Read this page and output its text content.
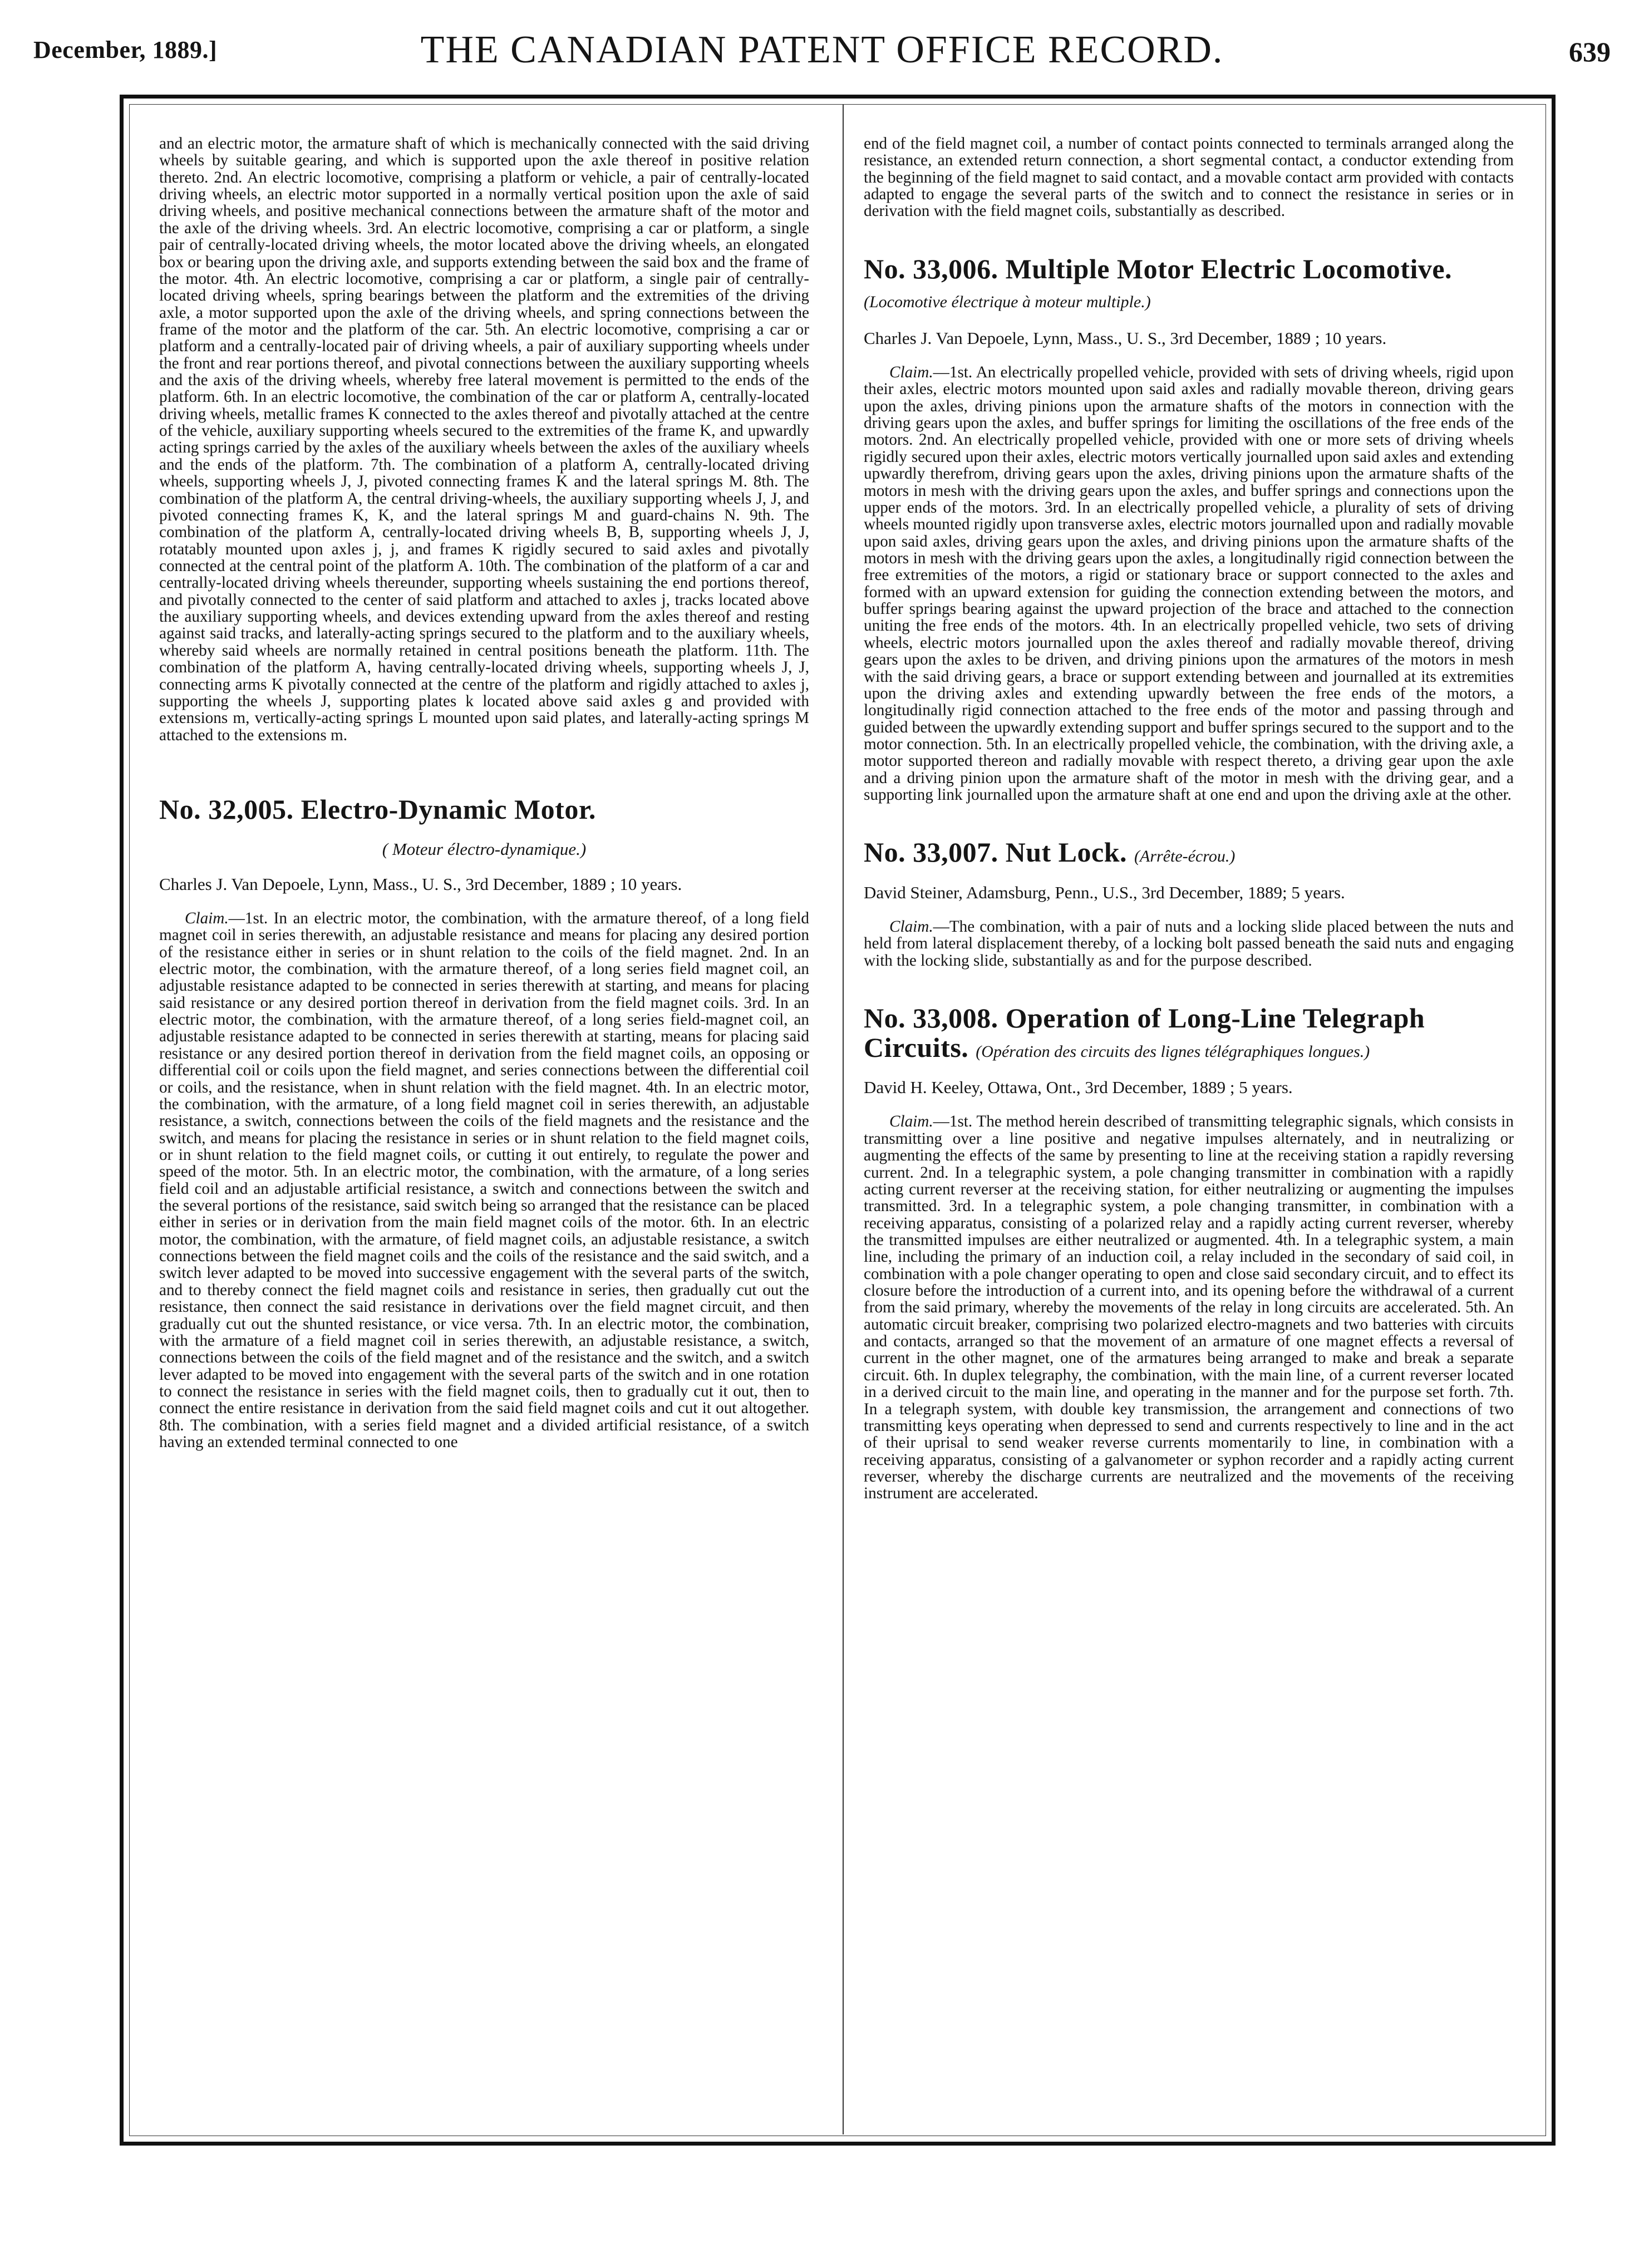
December, 1889.]	THE CANADIAN PATENT OFFICE RECORD.	639

and an electric motor, the armature shaft of which is mechanically connected with the said driving wheels by suitable gearing, and which is supported upon the axle thereof in positive relation thereto. 2nd. An electric locomotive, comprising a platform or vehicle, a pair of centrally-located driving wheels, an electric motor supported in a normally vertical position upon the axle of said driving wheels, and positive mechanical connections between the armature shaft of the motor and the axle of the driving wheels. 3rd. An electric locomotive, comprising a car or platform, a single pair of centrally-located driving wheels, the motor located above the driving wheels, an elongated box or bearing upon the driving axle, and supports extending between the said box and the frame of the motor. 4th. An electric locomotive, comprising a car or platform, a single pair of centrally-located driving wheels, spring bearings between the platform and the extremities of the driving axle, a motor supported upon the axle of the driving wheels, and spring connections between the frame of the motor and the platform of the car. 5th. An electric locomotive, comprising a car or platform and a centrally-located pair of driving wheels, a pair of auxiliary supporting wheels under the front and rear portions thereof, and pivotal connections between the auxiliary supporting wheels and the axis of the driving wheels, whereby free lateral movement is permitted to the ends of the platform. 6th. In an electric locomotive, the combination of the car or platform A, centrally-located driving wheels, metallic frames K connected to the axles thereof and pivotally attached at the centre of the vehicle, auxiliary supporting wheels secured to the extremities of the frame K, and upwardly acting springs carried by the axles of the auxiliary wheels between the axles of the auxiliary wheels and the ends of the platform. 7th. The combination of a platform A, centrally-located driving wheels, supporting wheels J, J, pivoted connecting frames K and the lateral springs M. 8th. The combination of the platform A, the central driving-wheels, the auxiliary supporting wheels J, J, and pivoted connecting frames K, K, and the lateral springs M and guard-chains N. 9th. The combination of the platform A, centrally-located driving wheels B, B, supporting wheels J, J, rotatably mounted upon axles j, j, and frames K rigidly secured to said axles and pivotally connected at the central point of the platform A. 10th. The combination of the platform of a car and centrally-located driving wheels thereunder, supporting wheels sustaining the end portions thereof, and pivotally connected to the center of said platform and attached to axles j, tracks located above the auxiliary supporting wheels, and devices extending upward from the axles thereof and resting against said tracks, and laterally-acting springs secured to the platform and to the auxiliary wheels, whereby said wheels are normally retained in central positions beneath the platform. 11th. The combination of the platform A, having centrally-located driving wheels, supporting wheels J, J, connecting arms K pivotally connected at the centre of the platform and rigidly attached to axles j, supporting the wheels J, supporting plates k located above said axles g and provided with extensions m, vertically-acting springs L mounted upon said plates, and laterally-acting springs M attached to the extensions m.

No. 32,005. Electro-Dynamic Motor.

( Moteur électro-dynamique.)

Charles J. Van Depoele, Lynn, Mass., U. S., 3rd December, 1889 ; 10 years.

Claim.—1st. In an electric motor, the combination, with the armature thereof, of a long field magnet coil in series therewith, an adjustable resistance and means for placing any desired portion of the resistance either in series or in shunt relation to the coils of the field magnet. 2nd. In an electric motor, the combination, with the armature thereof, of a long series field magnet coil, an adjustable resistance adapted to be connected in series therewith at starting, and means for placing said resistance or any desired portion thereof in derivation from the field magnet coils. 3rd. In an electric motor, the combination, with the armature thereof, of a long series field-magnet coil, an adjustable resistance adapted to be connected in series therewith at starting, means for placing said resistance or any desired portion thereof in derivation from the field magnet coils, an opposing or differential coil or coils upon the field magnet, and series connections between the differential coil or coils, and the resistance, when in shunt relation with the field magnet. 4th. In an electric motor, the combination, with the armature, of a long field magnet coil in series therewith, an adjustable resistance, a switch, connections between the coils of the field magnets and the resistance and the switch, and means for placing the resistance in series or in shunt relation to the field magnet coils, or in shunt relation to the field magnet coils, or cutting it out entirely, to regulate the power and speed of the motor. 5th. In an electric motor, the combination, with the armature, of a long series field coil and an adjustable artificial resistance, a switch and connections between the switch and the several portions of the resistance, said switch being so arranged that the resistance can be placed either in series or in derivation from the main field magnet coils of the motor. 6th. In an electric motor, the combination, with the armature, of field magnet coils, an adjustable resistance, a switch connections between the field magnet coils and the coils of the resistance and the said switch, and a switch lever adapted to be moved into successive engagement with the several parts of the switch, and to thereby connect the field magnet coils and resistance in series, then gradually cut out the resistance, then connect the said resistance in derivations over the field magnet circuit, and then gradually cut out the shunted resistance, or vice versa. 7th. In an electric motor, the combination, with the armature of a field magnet coil in series therewith, an adjustable resistance, a switch, connections between the coils of the field magnet and of the resistance and the switch, and a switch lever adapted to be moved into engagement with the several parts of the switch and in one rotation to connect the resistance in series with the field magnet coils, then to gradually cut it out, then to connect the entire resistance in derivation from the said field magnet coils and cut it out altogether. 8th. The combination, with a series field magnet and a divided artificial resistance, of a switch having an extended terminal connected to one

end of the field magnet coil, a number of contact points connected to terminals arranged along the resistance, an extended return connection, a short segmental contact, a conductor extending from the beginning of the field magnet to said contact, and a movable contact arm provided with contacts adapted to engage the several parts of the switch and to connect the resistance in series or in derivation with the field magnet coils, substantially as described.

No. 33,006. Multiple Motor Electric Locomotive. (Locomotive électrique à moteur multiple.)

Charles J. Van Depoele, Lynn, Mass., U. S., 3rd December, 1889 ; 10 years.

Claim.—1st. An electrically propelled vehicle, provided with sets of driving wheels, rigid upon their axles, electric motors mounted upon said axles and radially movable thereon, driving gears upon the axles, driving pinions upon the armature shafts of the motors in connection with the driving gears upon the axles, and buffer springs for limiting the oscillations of the free ends of the motors. 2nd. An electrically propelled vehicle, provided with one or more sets of driving wheels rigidly secured upon their axles, electric motors vertically journalled upon said axles and extending upwardly therefrom, driving gears upon the axles, driving pinions upon the armature shafts of the motors in mesh with the driving gears upon the axles, and buffer springs and connections upon the upper ends of the motors. 3rd. In an electrically propelled vehicle, a plurality of sets of driving wheels mounted rigidly upon transverse axles, electric motors journalled upon and radially movable upon said axles, driving gears upon the axles, and driving pinions upon the armature shafts of the motors in mesh with the driving gears upon the axles, a longitudinally rigid connection between the free extremities of the motors, a rigid or stationary brace or support connected to the axles and formed with an upward extension for guiding the connection extending between the motors, and buffer springs bearing against the upward projection of the brace and attached to the connection uniting the free ends of the motors. 4th. In an electrically propelled vehicle, two sets of driving wheels, electric motors journalled upon the axles thereof and radially movable thereof, driving gears upon the axles to be driven, and driving pinions upon the armatures of the motors in mesh with the said driving gears, a brace or support extending between and journalled at its extremities upon the driving axles and extending upwardly between the free ends of the motors, a longitudinally rigid connection attached to the free ends of the motor and passing through and guided between the upwardly extending support and buffer springs secured to the support and to the motor connection. 5th. In an electrically propelled vehicle, the combination, with the driving axle, a motor supported thereon and radially movable with respect thereto, a driving gear upon the axle and a driving pinion upon the armature shaft of the motor in mesh with the driving gear, and a supporting link journalled upon the armature shaft at one end and upon the driving axle at the other.

No. 33,007. Nut Lock. (Arrête-écrou.)

David Steiner, Adamsburg, Penn., U.S., 3rd December, 1889; 5 years.

Claim.—The combination, with a pair of nuts and a locking slide placed between the nuts and held from lateral displacement thereby, of a locking bolt passed beneath the said nuts and engaging with the locking slide, substantially as and for the purpose described.

No. 33,008. Operation of Long-Line Telegraph Circuits. (Opération des circuits des lignes télégraphiques longues.)

David H. Keeley, Ottawa, Ont., 3rd December, 1889 ; 5 years.

Claim.—1st. The method herein described of transmitting telegraphic signals, which consists in transmitting over a line positive and negative impulses alternately, and in neutralizing or augmenting the effects of the same by presenting to line at the receiving station a rapidly reversing current. 2nd. In a telegraphic system, a pole changing transmitter in combination with a rapidly acting current reverser at the receiving station, for either neutralizing or augmenting the impulses transmitted. 3rd. In a telegraphic system, a pole changing transmitter, in combination with a receiving apparatus, consisting of a polarized relay and a rapidly acting current reverser, whereby the transmitted impulses are either neutralized or augmented. 4th. In a telegraphic system, a main line, including the primary of an induction coil, a relay included in the secondary of said coil, in combination with a pole changer operating to open and close said secondary circuit, and to effect its closure before the introduction of a current into, and its opening before the withdrawal of a current from the said primary, whereby the movements of the relay in long circuits are accelerated. 5th. An automatic circuit breaker, comprising two polarized electro-magnets and two batteries with circuits and contacts, arranged so that the movement of an armature of one magnet effects a reversal of current in the other magnet, one of the armatures being arranged to make and break a separate circuit. 6th. In duplex telegraphy, the combination, with the main line, of a current reverser located in a derived circuit to the main line, and operating in the manner and for the purpose set forth. 7th. In a telegraph system, with double key transmission, the arrangement and connections of two transmitting keys operating when depressed to send and currents respectively to line and in the act of their uprisal to send weaker reverse currents momentarily to line, in combination with a receiving apparatus, consisting of a galvanometer or syphon recorder and a rapidly acting current reverser, whereby the discharge currents are neutralized and the movements of the receiving instrument are accelerated.
